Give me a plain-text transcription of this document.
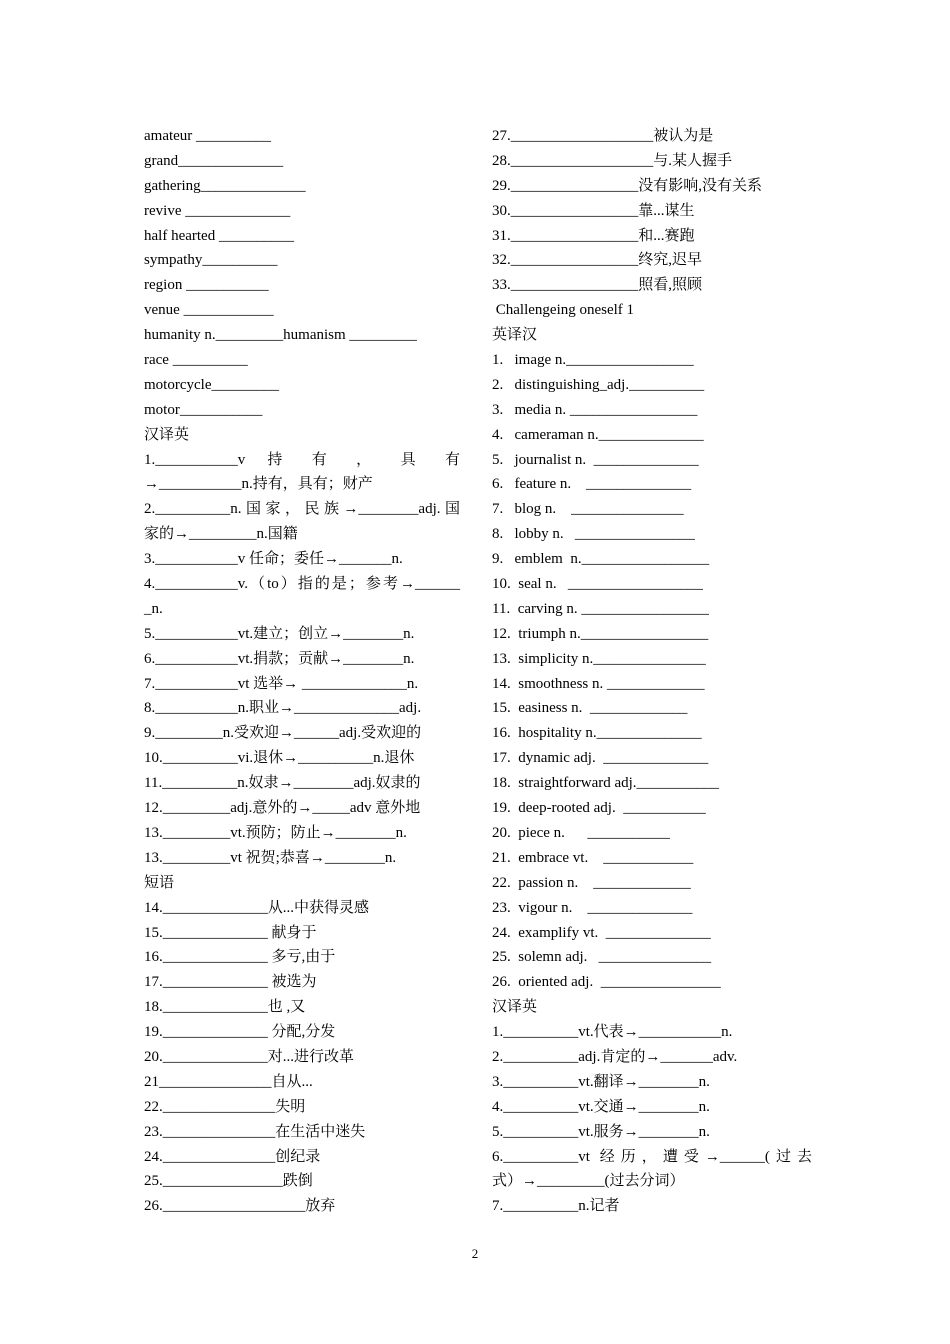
amateur __________
grand______________
gathering______________
revive ______________
half hearted __________
sympathy__________
region ___________
venue ____________
humanity n._________humanism _________
race __________
motorcycle_________
motor___________
汉译英
1.___________v  持  有  ，  具  有
→___________n.持有，具有；财产
2.__________n.国家，民族→________adj.国
家的→_________n.国籍
3.___________v 任命；委任→_______n.
4.___________v.（to）指的是；参考→______
_n.
5.___________vt.建立；创立→________n.
6.___________vt.捐款；贡献→________n.
7.___________vt 选举→ ______________n.
8.___________n.职业→______________adj.
9._________n.受欢迎→______adj.受欢迎的
10.__________vi.退休→__________n.退休
11.__________n.奴隶→________adj.奴隶的
12._________adj.意外的→_____adv 意外地
13._________vt.预防；防止→________n.
13._________vt 祝贺;恭喜→________n.
短语
14.______________从...中获得灵感
15.______________ 献身于
16.______________ 多亏,由于
17.______________ 被选为
18.______________也 ,又
19.______________ 分配,分发
20.______________对...进行改革
21_______________自从...
22._______________失明
23._______________在生活中迷失
24._______________创纪录
25.________________跌倒
26.___________________放弃
27.___________________被认为是
28.___________________与.某人握手
29._________________没有影响,没有关系
30._________________靠...谋生
31._________________和...赛跑
32._________________终究,迟早
33._________________照看,照顾
Challengeing oneself 1
英译汉
1.   image n._________________
2.   distinguishing_adj.__________
3.   media n. _________________
4.   cameraman n.______________
5.   journalist n.  ______________
6.   feature n.    ______________
7.   blog n.    _______________
8.   lobby n.   ________________
9.   emblem  n._________________
10.  seal n.   __________________
11.  carving n. _________________
12.  triumph n._________________
13.  simplicity n._______________
14.  smoothness n. _____________
15.  easiness n.  _____________
16.  hospitality n.______________
17.  dynamic adj.  ______________
18.  straightforward adj.___________
19.  deep-rooted adj.  ___________
20.  piece n.      ___________
21.  embrace vt.    ____________
22.  passion n.    _____________
23.  vigour n.    ______________
24.  examplify vt.  ______________
25.  solemn adj.   _______________
26.  oriented adj.  ________________
汉译英
1.__________vt.代表→___________n.
2.__________adj.肯定的→_______adv.
3.__________vt.翻译→________n.
4.__________vt.交通→________n.
5.__________vt.服务→________n.
6.__________vt 经历，遭受→______(过去
式）→_________(过去分词）
7.__________n.记者
2
